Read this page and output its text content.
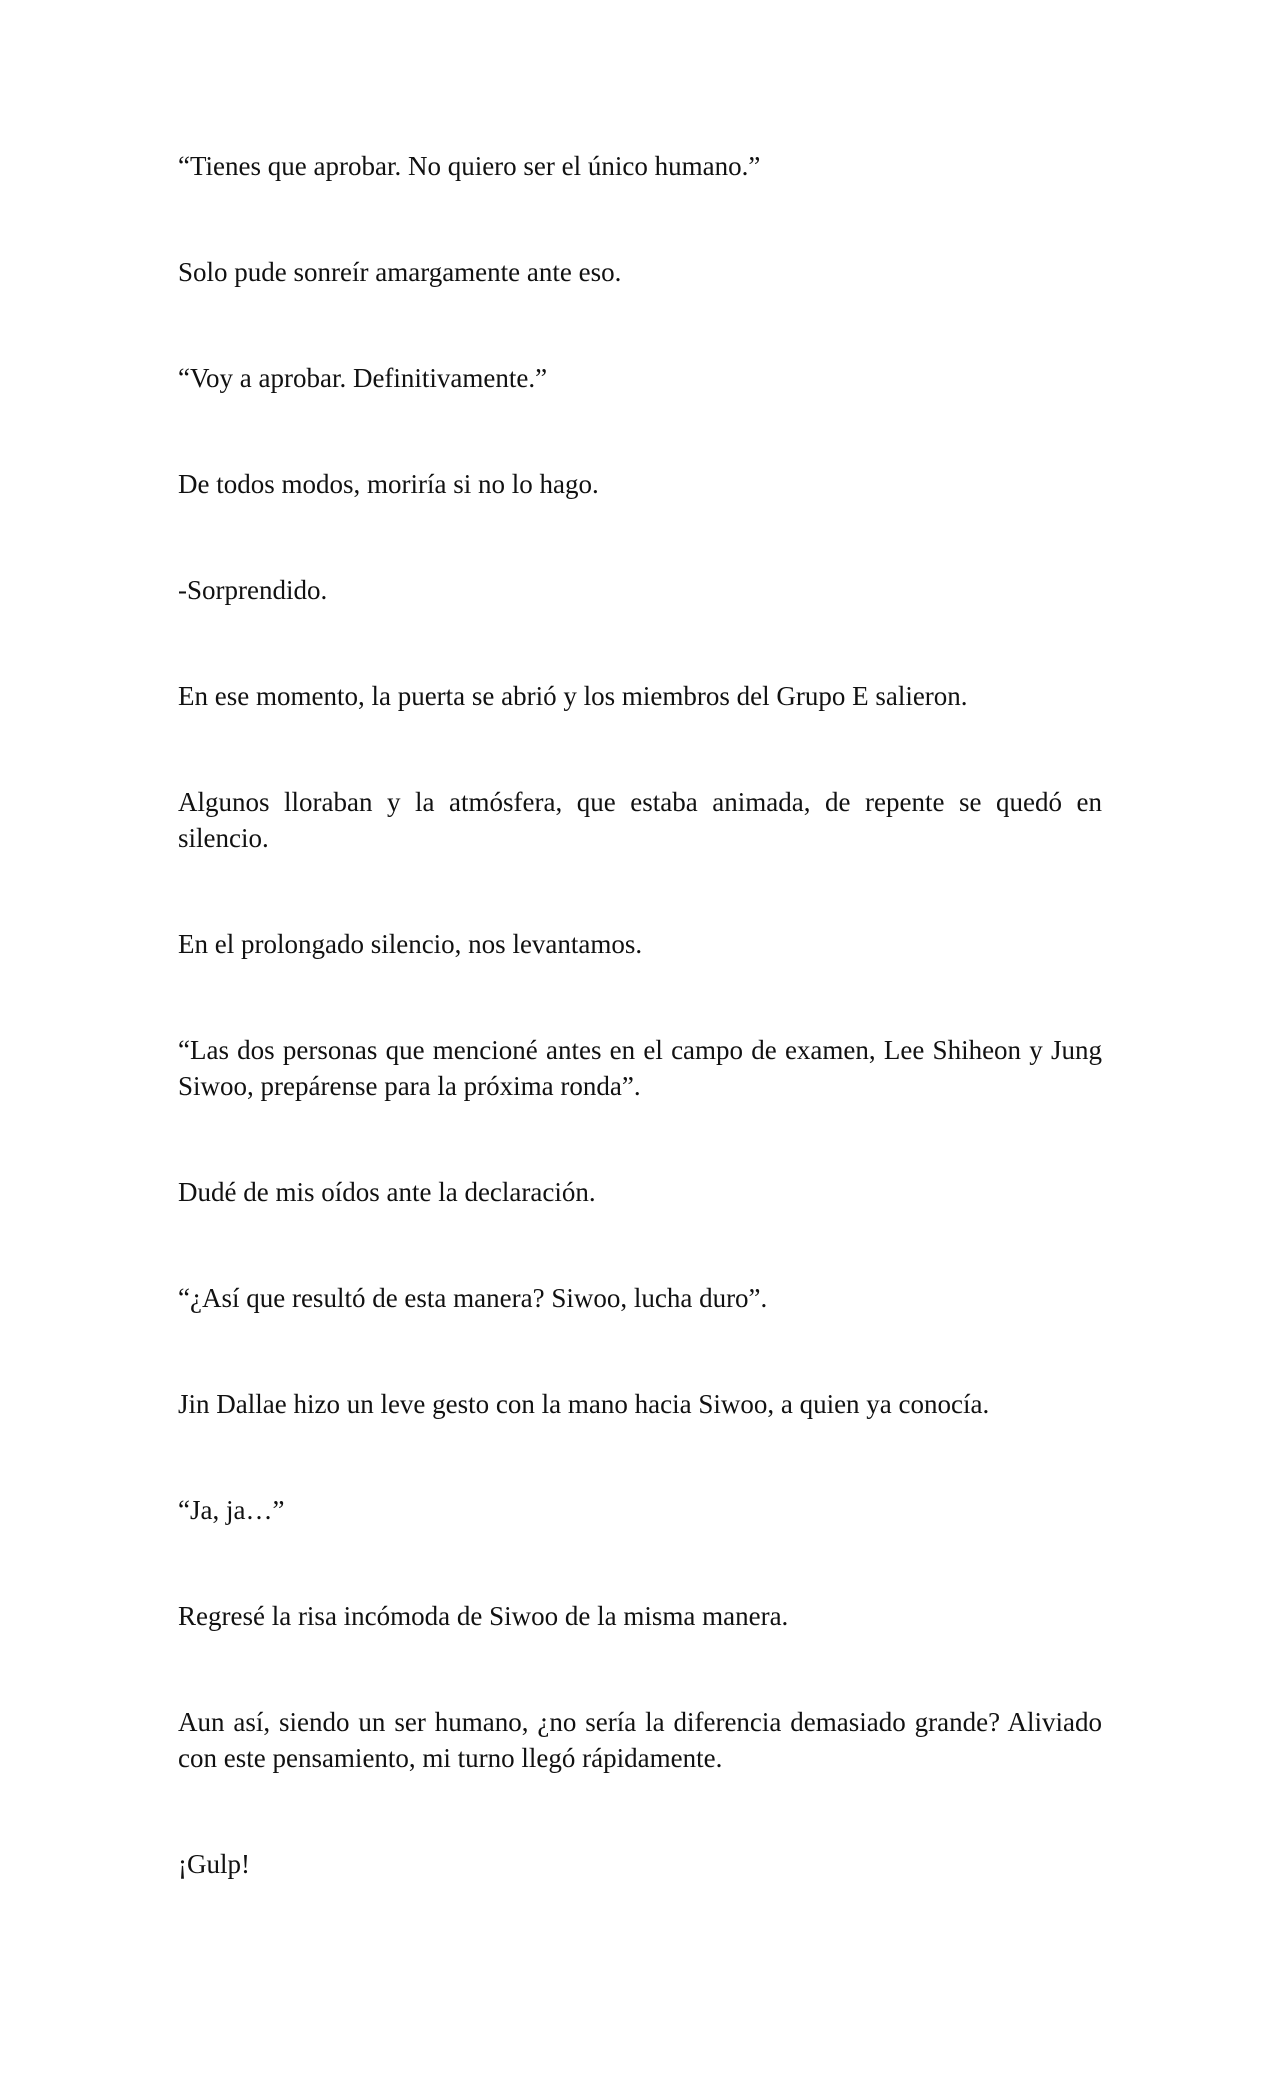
“Tienes que aprobar. No quiero ser el único humano.”

Solo pude sonreír amargamente ante eso.

“Voy a aprobar. Definitivamente.”

De todos modos, moriría si no lo hago.

-Sorprendido.

En ese momento, la puerta se abrió y los miembros del Grupo E salieron.

Algunos lloraban y la atmósfera, que estaba animada, de repente se quedó en silencio.

En el prolongado silencio, nos levantamos.

“Las dos personas que mencioné antes en el campo de examen, Lee Shiheon y Jung Siwoo, prepárense para la próxima ronda”.

Dudé de mis oídos ante la declaración.

“¿Así que resultó de esta manera? Siwoo, lucha duro”.

Jin Dallae hizo un leve gesto con la mano hacia Siwoo, a quien ya conocía.

“Ja, ja…”

Regresé la risa incómoda de Siwoo de la misma manera.

Aun así, siendo un ser humano, ¿no sería la diferencia demasiado grande? Aliviado con este pensamiento, mi turno llegó rápidamente.

¡Gulp!
